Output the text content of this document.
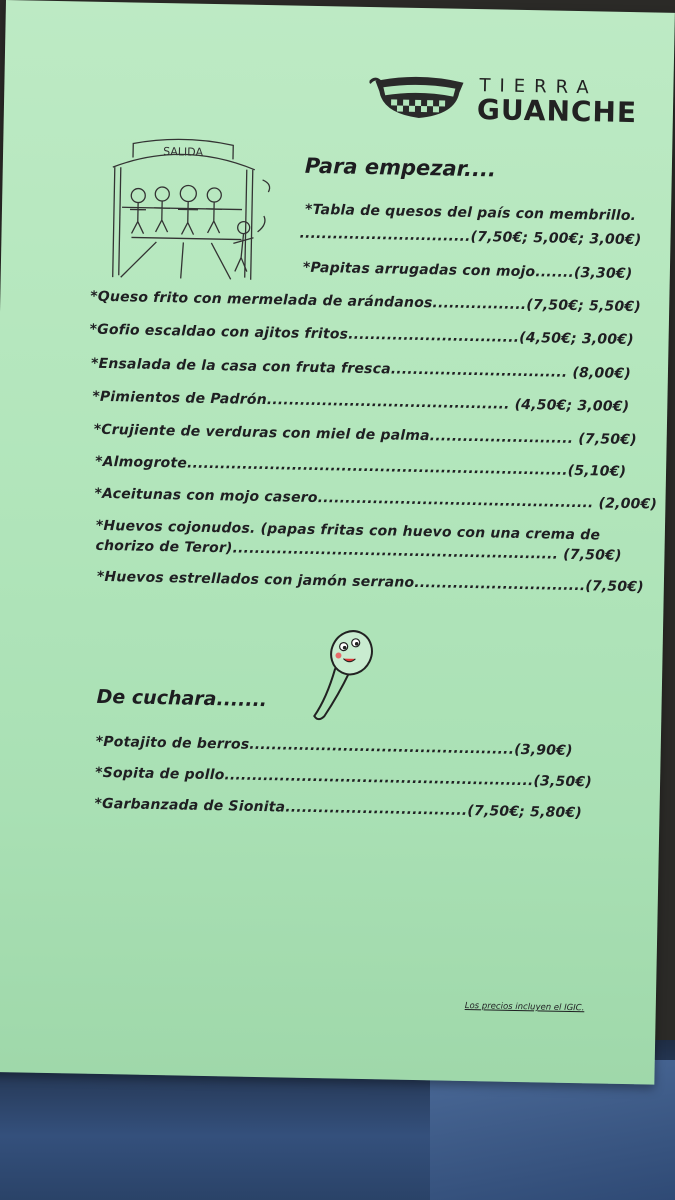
TIERRA
GUANCHE
SALIDA
Para empezar....
*Tabla de quesos del país con membrillo.
...............................(7,50€; 5,00€; 3,00€)
*Papitas arrugadas con mojo.......(3,30€)
*Queso frito con mermelada de arándanos.................(7,50€; 5,50€)
*Gofio escaldao con ajitos fritos...............................(4,50€; 3,00€)
*Ensalada de la casa con fruta fresca................................ (8,00€)
*Pimientos de Padrón............................................ (4,50€; 3,00€)
*Crujiente de verduras con miel de palma.......................... (7,50€)
*Almogrote.....................................................................(5,10€)
*Aceitunas con mojo casero.................................................. (2,00€)
*Huevos cojonudos. (papas fritas con huevo con una crema de
chorizo de Teror)........................................................... (7,50€)
*Huevos estrellados con jamón serrano...............................(7,50€)
De cuchara.......
*Potajito de berros................................................(3,90€)
*Sopita de pollo........................................................(3,50€)
*Garbanzada de Sionita.................................(7,50€; 5,80€)
Los precios incluyen el IGIC.
